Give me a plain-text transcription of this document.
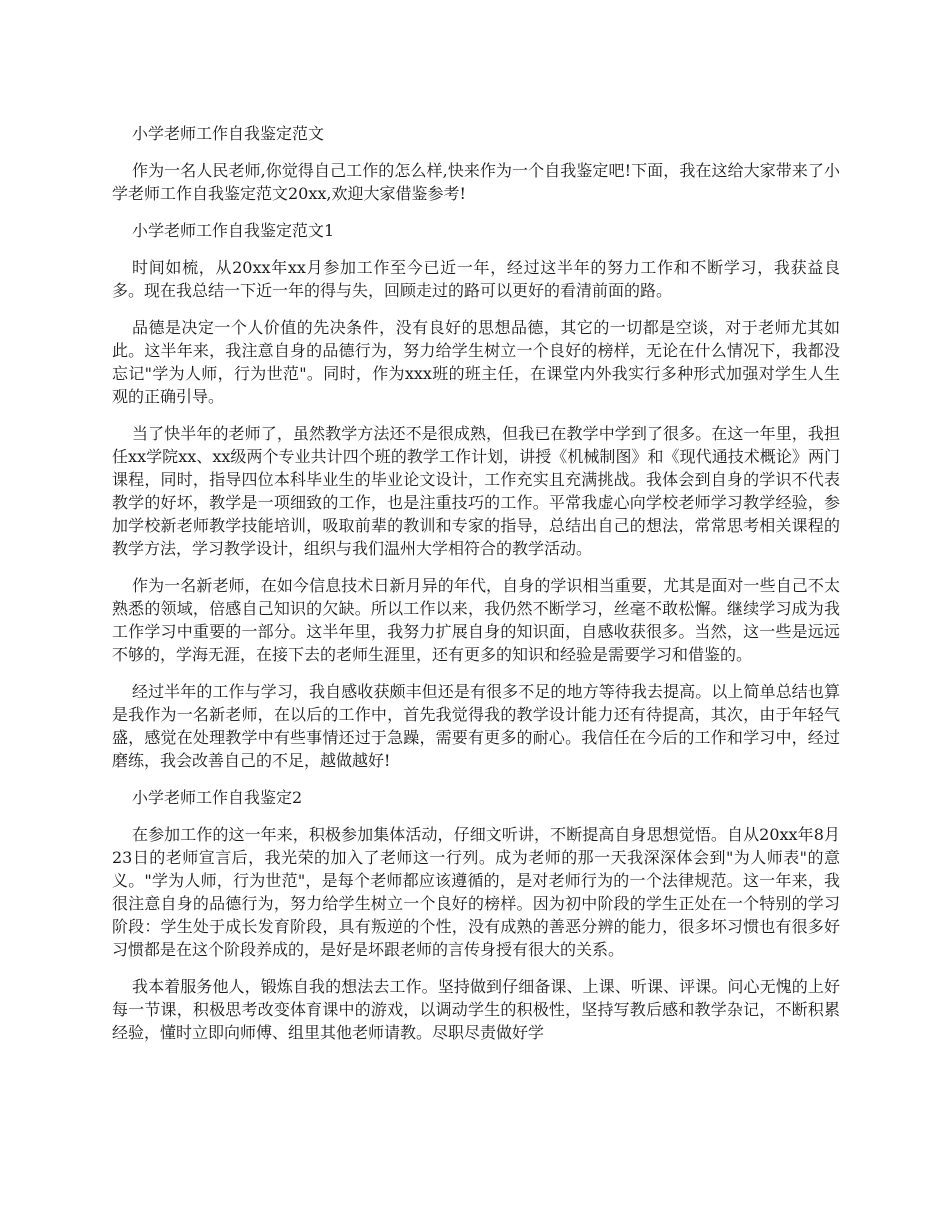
小学老师工作自我鉴定范文

作为一名人民老师,你觉得自己工作的怎么样,快来作为一个自我鉴定吧!下面，我在这给大家带来了小学老师工作自我鉴定范文20xx,欢迎大家借鉴参考!

小学老师工作自我鉴定范文1

时间如梳，从20xx年xx月参加工作至今已近一年，经过这半年的努力工作和不断学习，我获益良多。现在我总结一下近一年的得与失，回顾走过的路可以更好的看清前面的路。

品德是决定一个人价值的先决条件，没有良好的思想品德，其它的一切都是空谈，对于老师尤其如此。这半年来，我注意自身的品德行为，努力给学生树立一个良好的榜样，无论在什么情况下，我都没忘记"学为人师，行为世范"。同时，作为xxx班的班主任，在课堂内外我实行多种形式加强对学生人生观的正确引导。

当了快半年的老师了，虽然教学方法还不是很成熟，但我已在教学中学到了很多。在这一年里，我担任xx学院xx、xx级两个专业共计四个班的教学工作计划，讲授《机械制图》和《现代通技术概论》两门课程，同时，指导四位本科毕业生的毕业论文设计，工作充实且充满挑战。我体会到自身的学识不代表教学的好坏，教学是一项细致的工作，也是注重技巧的工作。平常我虚心向学校老师学习教学经验，参加学校新老师教学技能培训，吸取前辈的教训和专家的指导，总结出自己的想法，常常思考相关课程的教学方法，学习教学设计，组织与我们温州大学相符合的教学活动。

作为一名新老师，在如今信息技术日新月异的年代，自身的学识相当重要，尤其是面对一些自己不太熟悉的领域，倍感自己知识的欠缺。所以工作以来，我仍然不断学习，丝毫不敢松懈。继续学习成为我工作学习中重要的一部分。这半年里，我努力扩展自身的知识面，自感收获很多。当然，这一些是远远不够的，学海无涯，在接下去的老师生涯里，还有更多的知识和经验是需要学习和借鉴的。

经过半年的工作与学习，我自感收获颇丰但还是有很多不足的地方等待我去提高。以上简单总结也算是我作为一名新老师，在以后的工作中，首先我觉得我的教学设计能力还有待提高，其次，由于年轻气盛，感觉在处理教学中有些事情还过于急躁，需要有更多的耐心。我信任在今后的工作和学习中，经过磨练，我会改善自己的不足，越做越好!

小学老师工作自我鉴定2

在参加工作的这一年来，积极参加集体活动，仔细文听讲，不断提高自身思想觉悟。自从20xx年8月23日的老师宣言后，我光荣的加入了老师这一行列。成为老师的那一天我深深体会到"为人师表"的意义。"学为人师，行为世范"，是每个老师都应该遵循的，是对老师行为的一个法律规范。这一年来，我很注意自身的品德行为，努力给学生树立一个良好的榜样。因为初中阶段的学生正处在一个特别的学习阶段：学生处于成长发育阶段，具有叛逆的个性，没有成熟的善恶分辨的能力，很多坏习惯也有很多好习惯都是在这个阶段养成的，是好是坏跟老师的言传身授有很大的关系。

我本着服务他人，锻炼自我的想法去工作。坚持做到仔细备课、上课、听课、评课。问心无愧的上好每一节课，积极思考改变体育课中的游戏，以调动学生的积极性，坚持写教后感和教学杂记，不断积累经验，懂时立即向师傅、组里其他老师请教。尽职尽责做好学
